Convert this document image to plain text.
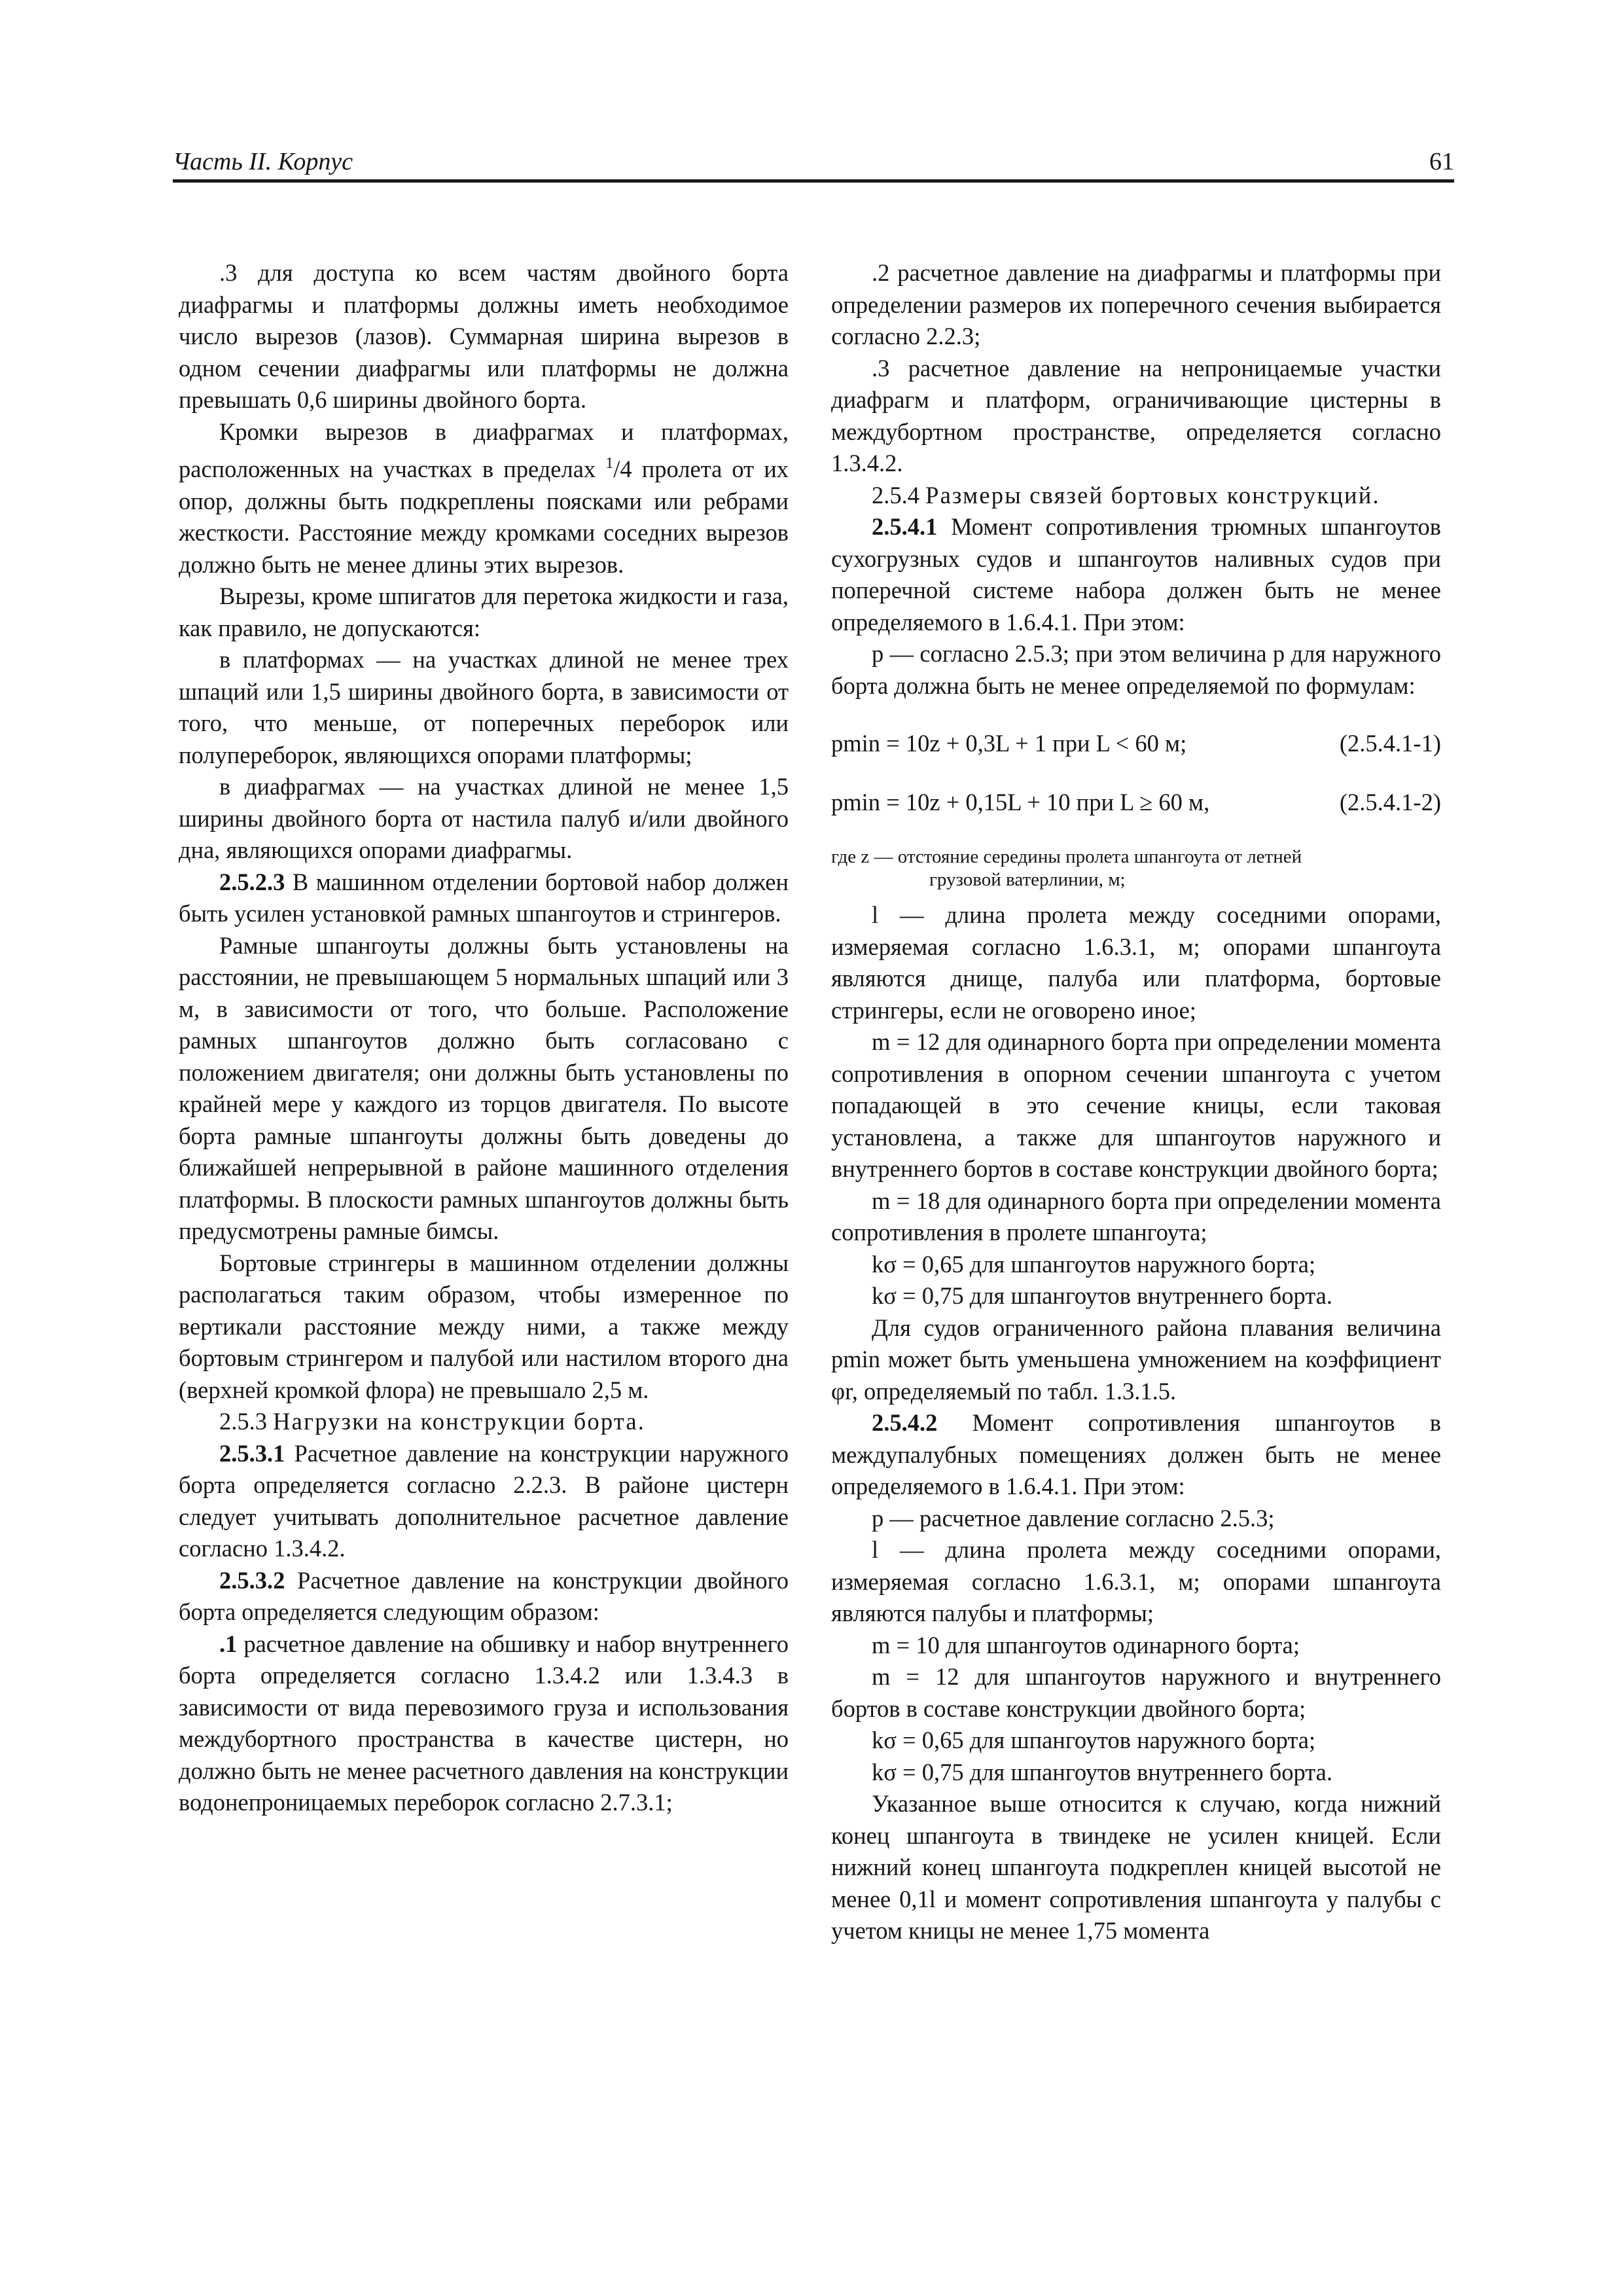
Часть II. Корпус	61

.3 для доступа ко всем частям двойного борта диафрагмы и платформы должны иметь необходимое число вырезов (лазов). Суммарная ширина вырезов в одном сечении диафрагмы или платформы не должна превышать 0,6 ширины двойного борта.

Кромки вырезов в диафрагмах и платформах, расположенных на участках в пределах $^1$/4 пролета от их опор, должны быть подкреплены поясками или ребрами жесткости. Расстояние между кромками соседних вырезов должно быть не менее длины этих вырезов.

Вырезы, кроме шпигатов для перетока жидкости и газа, как правило, не допускаются:

в платформах — на участках длиной не менее трех шпаций или 1,5 ширины двойного борта, в зависимости от того, что меньше, от поперечных переборок или полупереборок, являющихся опорами платформы;

в диафрагмах — на участках длиной не менее 1,5 ширины двойного борта от настила палуб и/или двойного дна, являющихся опорами диафрагмы.

2.5.2.3 В машинном отделении бортовой набор должен быть усилен установкой рамных шпангоутов и стрингеров.

Рамные шпангоуты должны быть установлены на расстоянии, не превышающем 5 нормальных шпаций или 3 м, в зависимости от того, что больше. Расположение рамных шпангоутов должно быть согласовано с положением двигателя; они должны быть установлены по крайней мере у каждого из торцов двигателя. По высоте борта рамные шпангоуты должны быть доведены до ближайшей непрерывной в районе машинного отделения платформы. В плоскости рамных шпангоутов должны быть предусмотрены рамные бимсы.

Бортовые стрингеры в машинном отделении должны располагаться таким образом, чтобы измеренное по вертикали расстояние между ними, а также между бортовым стрингером и палубой или настилом второго дна (верхней кромкой флора) не превышало 2,5 м.

2.5.3 Нагрузки на конструкции борта.

2.5.3.1 Расчетное давление на конструкции наружного борта определяется согласно 2.2.3. В районе цистерн следует учитывать дополнительное расчетное давление согласно 1.3.4.2.

2.5.3.2 Расчетное давление на конструкции двойного борта определяется следующим образом:

.1 расчетное давление на обшивку и набор внутреннего борта определяется согласно 1.3.4.2 или 1.3.4.3 в зависимости от вида перевозимого груза и использования междубортного пространства в качестве цистерн, но должно быть не менее расчетного давления на конструкции водонепроницаемых переборок согласно 2.7.3.1;

.2 расчетное давление на диафрагмы и платформы при определении размеров их поперечного сечения выбирается согласно 2.2.3;

.3 расчетное давление на непроницаемые участки диафрагм и платформ, ограничивающие цистерны в междубортном пространстве, определяется согласно 1.3.4.2.

2.5.4 Размеры связей бортовых конструкций.

2.5.4.1 Момент сопротивления трюмных шпангоутов сухогрузных судов и шпангоутов наливных судов при поперечной системе набора должен быть не менее определяемого в 1.6.4.1. При этом:

p — согласно 2.5.3; при этом величина p для наружного борта должна быть не менее определяемой по формулам:

pmin = 10z + 0,3L + 1 при L < 60 м;	(2.5.4.1-1)
pmin = 10z + 0,15L + 10 при L ≥ 60 м,	(2.5.4.1-2)

где z — отстояние середины пролета шпангоута от летней
грузовой ватерлинии, м;

l — длина пролета между соседними опорами, измеряемая согласно 1.6.3.1, м; опорами шпангоута являются днище, палуба или платформа, бортовые стрингеры, если не оговорено иное;

m = 12 для одинарного борта при определении момента сопротивления в опорном сечении шпангоута с учетом попадающей в это сечение кницы, если таковая установлена, а также для шпангоутов наружного и внутреннего бортов в составе конструкции двойного борта;

m = 18 для одинарного борта при определении момента сопротивления в пролете шпангоута;

kσ = 0,65 для шпангоутов наружного борта;

kσ = 0,75 для шпангоутов внутреннего борта.

Для судов ограниченного района плавания величина pmin может быть уменьшена умножением на коэффициент φr, определяемый по табл. 1.3.1.5.

2.5.4.2 Момент сопротивления шпангоутов в междупалубных помещениях должен быть не менее определяемого в 1.6.4.1. При этом:

p — расчетное давление согласно 2.5.3;

l — длина пролета между соседними опорами, измеряемая согласно 1.6.3.1, м; опорами шпангоута являются палубы и платформы;

m = 10 для шпангоутов одинарного борта;

m = 12 для шпангоутов наружного и внутреннего бортов в составе конструкции двойного борта;

kσ = 0,65 для шпангоутов наружного борта;

kσ = 0,75 для шпангоутов внутреннего борта.

Указанное выше относится к случаю, когда нижний конец шпангоута в твиндеке не усилен кницей. Если нижний конец шпангоута подкреплен кницей высотой не менее 0,1l и момент сопротивления шпангоута у палубы с учетом кницы не менее 1,75 момента
